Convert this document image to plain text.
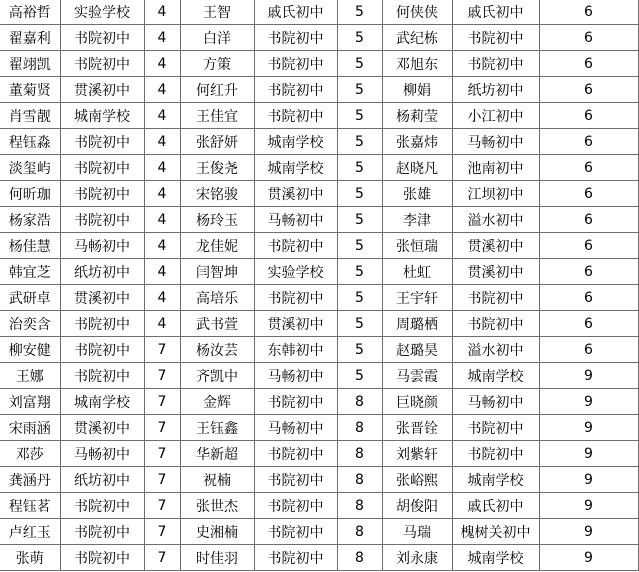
高裕哲	实验学校	4	王智	戚氏初中	5	何侠侠	戚氏初中	6
翟嘉利	书院初中	4	白洋	书院初中	5	武纪栋	书院初中	6
翟翊凯	书院初中	4	方策	书院初中	5	邓旭东	书院初中	6
董菊贤	贯溪初中	4	何红升	书院初中	5	柳娟	纸坊初中	6
肖雪靓	城南学校	4	王佳宜	书院初中	5	杨莉莹	小江初中	6
程钰淼	书院初中	4	张舒妍	城南学校	5	张嘉炜	马畅初中	6
淡玺屿	书院初中	4	王俊尧	城南学校	5	赵晓凡	池南初中	6
何昕珈	书院初中	4	宋铭骏	贯溪初中	5	张雄	江坝初中	6
杨家浩	书院初中	4	杨玲玉	马畅初中	5	李津	溢水初中	6
杨佳慧	马畅初中	4	龙佳妮	书院初中	5	张恒瑞	贯溪初中	6
韩宜芝	纸坊初中	4	闫智坤	实验学校	5	杜虹	贯溪初中	6
武研卓	贯溪初中	4	高培乐	书院初中	5	王宇轩	书院初中	6
治奕含	书院初中	4	武书萱	贯溪初中	5	周璐栖	书院初中	6
柳安健	书院初中	7	杨汝芸	东韩初中	5	赵璐昊	溢水初中	6
王娜	书院初中	7	齐凯中	马畅初中	5	马雲霞	城南学校	9
刘富翔	城南学校	7	金辉	书院初中	8	巨晓颜	马畅初中	9
宋雨涵	贯溪初中	7	王钰鑫	马畅初中	8	张晋铨	书院初中	9
邓莎	马畅初中	7	华新超	书院初中	8	刘紫轩	书院初中	9
龚涵丹	纸坊初中	7	祝楠	书院初中	8	张峪熙	城南学校	9
程钰茗	书院初中	7	张世杰	书院初中	8	胡俊阳	戚氏初中	9
卢红玉	书院初中	7	史湘楠	书院初中	8	马瑞	槐树关初中	9
张萌	书院初中	7	时佳羽	书院初中	8	刘永康	城南学校	9
